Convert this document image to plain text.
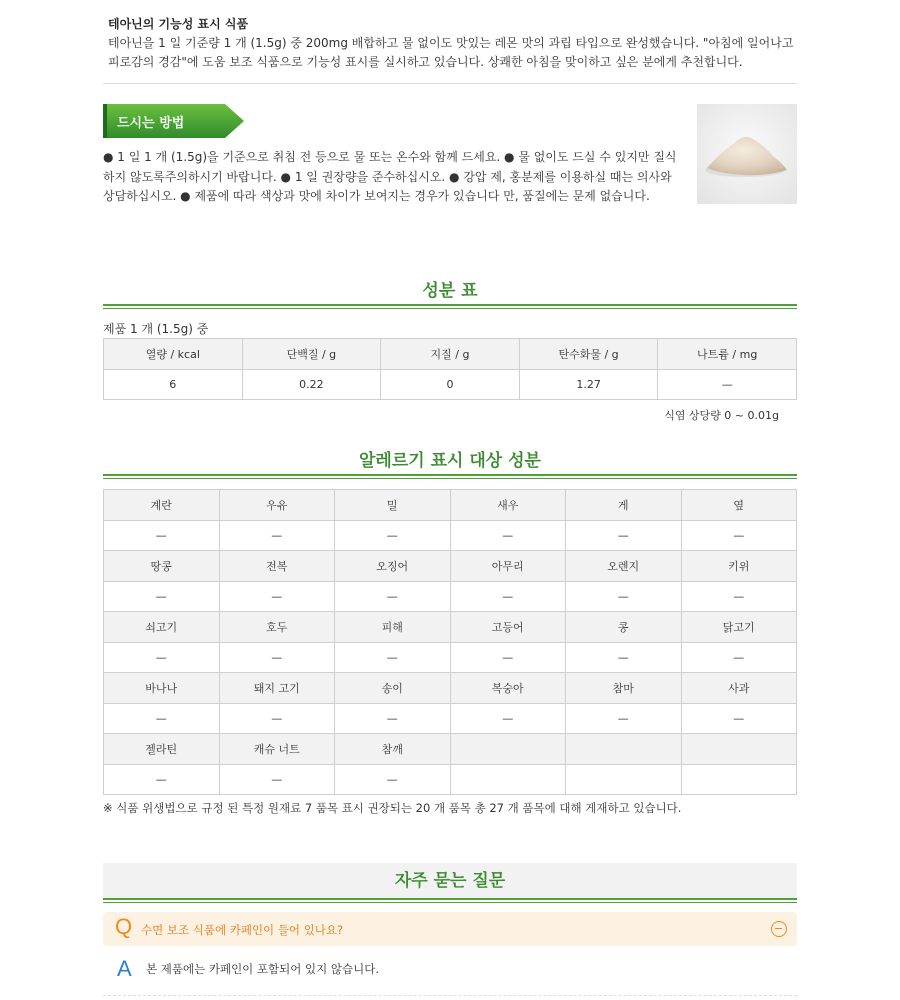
테아닌의 기능성 표시 식품
테아닌을 1 일 기준량 1 개 (1.5g) 중 200mg 배합하고 물 없이도 맛있는 레몬 맛의 과립 타입으로 완성했습니다. "아침에 일어나고 피로감의 경감"에 도움 보조 식품으로 기능성 표시를 실시하고 있습니다. 상쾌한 아침을 맞이하고 싶은 분에게 추천합니다.
드시는 방법
● 1 일 1 개 (1.5g)을 기준으로 취침 전 등으로 물 또는 온수와 함께 드세요. ● 물 없이도 드실 수 있지만 질식하지 않도록주의하시기 바랍니다. ● 1 일 권장량을 준수하십시오. ● 강압 제, 홍분제를 이용하실 때는 의사와 상담하십시오. ● 제품에 따라 색상과 맛에 차이가 보여지는 경우가 있습니다 만, 품질에는 문제 없습니다.
성분 표
제품 1 개 (1.5g) 중
열량 / kcal	단백질 / g	지질 / g	탄수화물 / g	나트륨 / mg
6	0.22	0	1.27	—
식염 상당량 0 ~ 0.01g
알레르기 표시 대상 성분
계란	우유	밀	새우	게	옆
—	—	—	—	—	—
땅콩	전복	오징어	아무리	오렌지	키위
—	—	—	—	—	—
쇠고기	호두	피해	고등어	콩	닭고기
—	—	—	—	—	—
바나나	돼지 고기	송이	복숭아	참마	사과
—	—	—	—	—	—
젤라틴	캐슈 너트	참깨			
—	—	—			
※ 식품 위생법으로 규정 된 특정 원재료 7 품목 표시 권장되는 20 개 품목 총 27 개 품목에 대해 게재하고 있습니다.
자주 묻는 질문
Q 수면 보조 식품에 카페인이 들어 있나요?
A 본 제품에는 카페인이 포함되어 있지 않습니다.
